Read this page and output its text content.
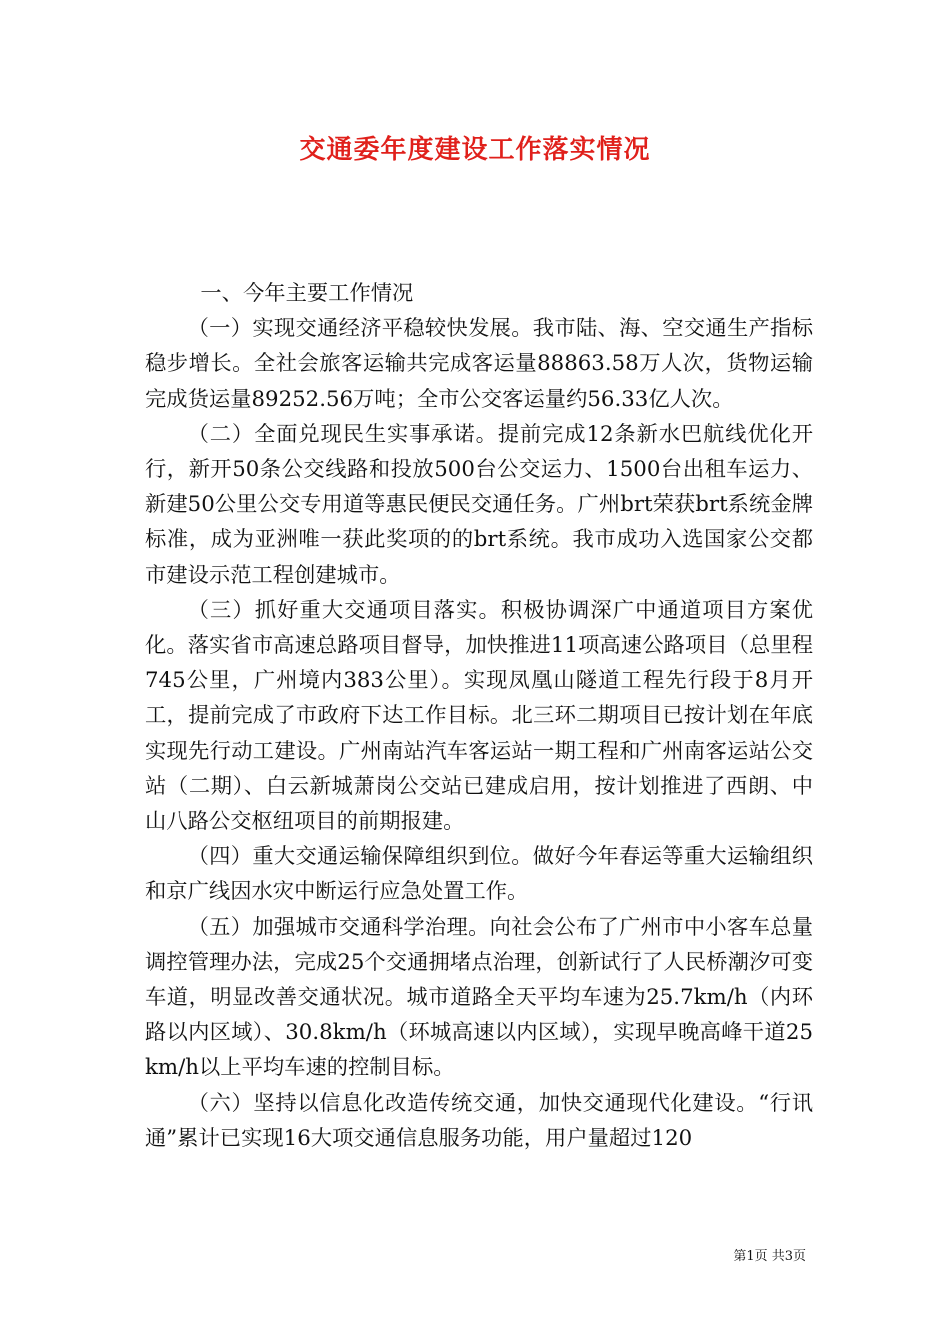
交通委年度建设工作落实情况

一、今年主要工作情况

（一）实现交通经济平稳较快发展。我市陆、海、空交通生产指标稳步增长。全社会旅客运输共完成客运量88863.58万人次，货物运输完成货运量89252.56万吨；全市公交客运量约56.33亿人次。

（二）全面兑现民生实事承诺。提前完成12条新水巴航线优化开行，新开50条公交线路和投放500台公交运力、1500台出租车运力、新建50公里公交专用道等惠民便民交通任务。广州brt荣获brt系统金牌标准，成为亚洲唯一获此奖项的的brt系统。我市成功入选国家公交都市建设示范工程创建城市。

（三）抓好重大交通项目落实。积极协调深广中通道项目方案优化。落实省市高速总路项目督导，加快推进11项高速公路项目（总里程745公里，广州境内383公里）。实现凤凰山隧道工程先行段于8月开工，提前完成了市政府下达工作目标。北三环二期项目已按计划在年底实现先行动工建设。广州南站汽车客运站一期工程和广州南客运站公交站（二期）、白云新城萧岗公交站已建成启用，按计划推进了西朗、中山八路公交枢纽项目的前期报建。

（四）重大交通运输保障组织到位。做好今年春运等重大运输组织和京广线因水灾中断运行应急处置工作。

（五）加强城市交通科学治理。向社会公布了广州市中小客车总量调控管理办法，完成25个交通拥堵点治理，创新试行了人民桥潮汐可变车道，明显改善交通状况。城市道路全天平均车速为25.7km/h（内环路以内区域）、30.8km/h（环城高速以内区域），实现早晚高峰干道25km/h以上平均车速的控制目标。

（六）坚持以信息化改造传统交通，加快交通现代化建设。“行讯通”累计已实现16大项交通信息服务功能，用户量超过120

第1页 共3页
